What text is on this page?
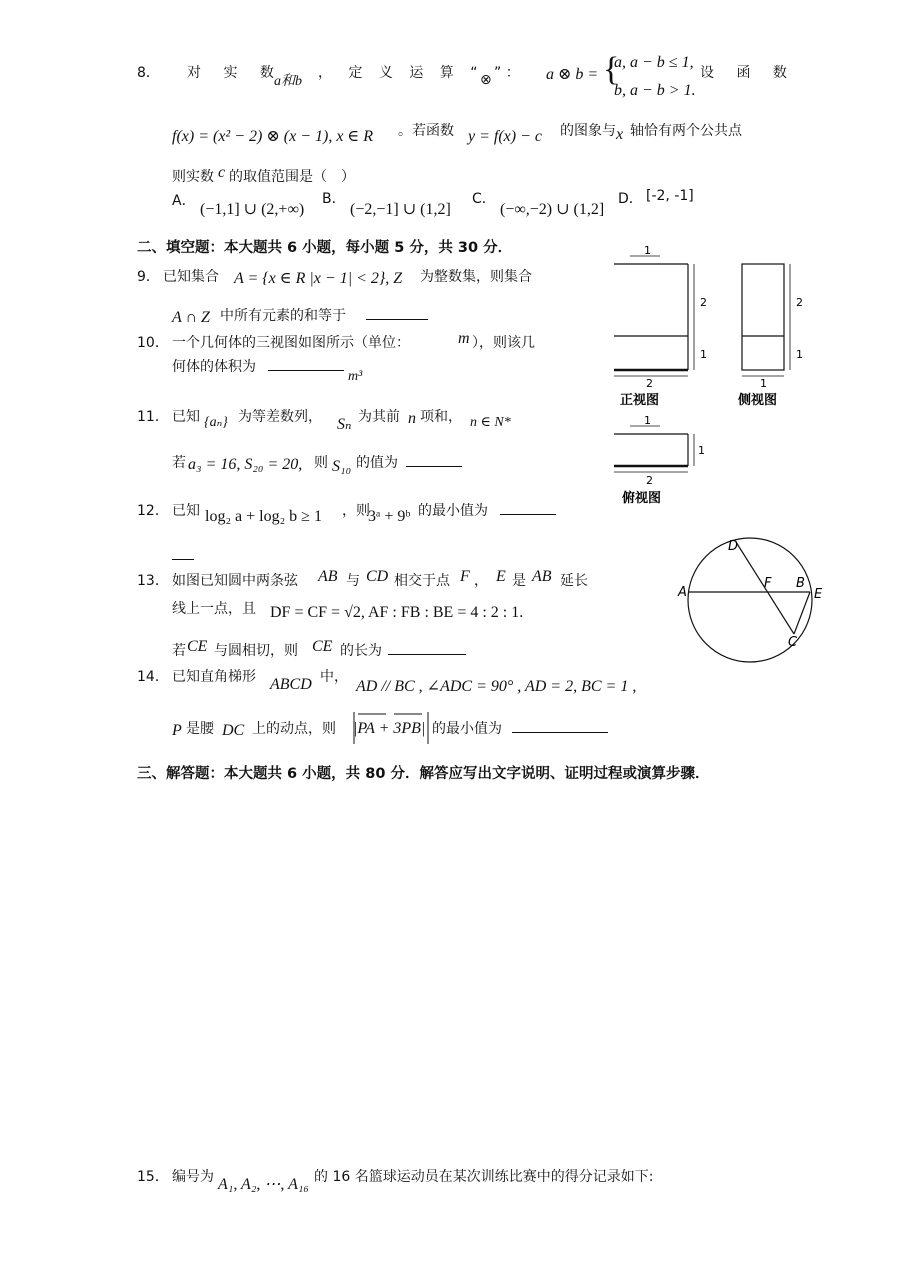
8． 对 实 数
a和b
， 定 义 运 算 “
⊗ ” ： a ⊗ b = {
a, a − b ≤ 1,
b, a − b > 1.
设 函 数
f(x) = (x² − 2) ⊗ (x − 1), x ∈ R 。若函数 y = f(x) − c 的图象与 x 轴恰有两个公共点
则实数 c 的取值范围是（　）
A． (−1,1] ∪ (2,+∞)
B．
(−2,−1] ∪ (1,2]
C．
(−∞,−2) ∪ (1,2]
D． [-2, -1]
二、填空题：本大题共 6 小题，每小题 5 分，共 30 分．
9． 已知集合 A = {x ∈ R |x − 1| < 2}, Z 为整数集，则集合
A ∩ Z 中所有元素的和等于
10． 一个几何体的三视图如图所示（单位：	m ），则该几
何体的体积为
m³
11． 已知 {aₙ} 为等差数列， Sₙ 为其前 n 项和， n ∈ N*
若 a₃ = 16, S₂₀ = 20, 则 S₁₀ 的值为
12． 已知 log₂ a + log₂ b ≥ 1 ，则
3ᵃ + 9ᵇ 的最小值为
13． 如图已知圆中两条弦 AB 与 CD 相交于点 F ， E 是 AB 延长
线上一点，且 DF = CF = √2, AF : FB : BE = 4 : 2 : 1.
若 CE 与圆相切，则 CE 的长为
14． 已知直角梯形 ABCD 中，
AD // BC , ∠ADC = 90° , AD = 2, BC = 1 ,
P 是腰 DC 上的动点，则 |PA + 3PB| 的最小值为
三、解答题：本大题共 6 小题，共 80 分．解答应写出文字说明、证明过程或演算步骤．
15． 编号为 A₁, A₂, ⋯, A₁₆ 的 16 名篮球运动员在某次训练比赛中的得分记录如下:
1
2
1
2
正视图
2
1
1
侧视图
1
1
2
俯视图
A
D
F B
E
C
